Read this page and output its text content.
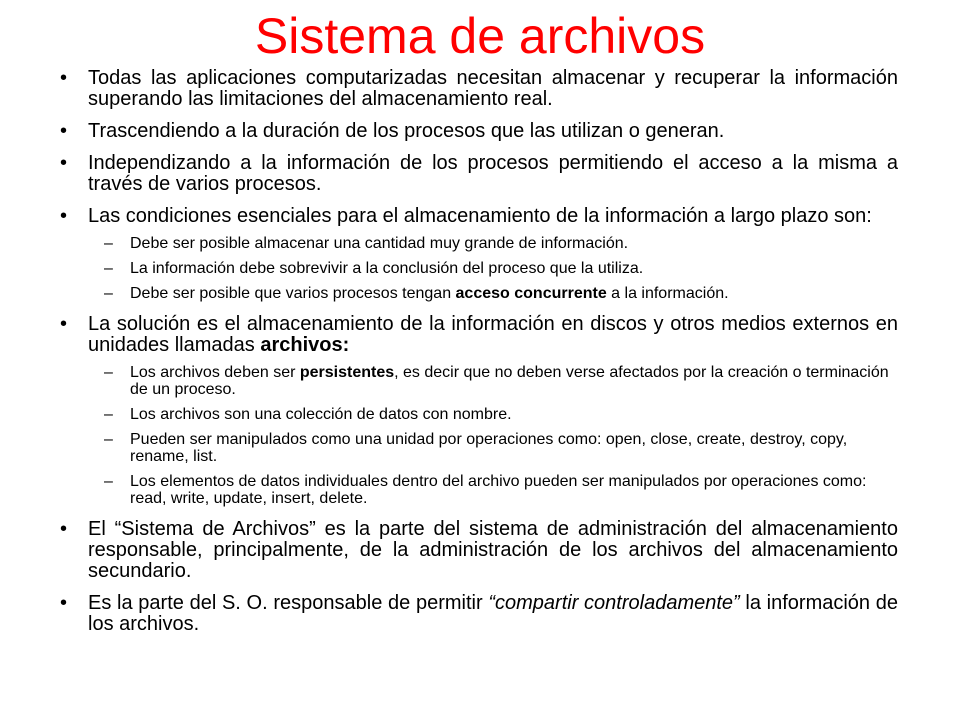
Sistema de archivos
• Todas las aplicaciones computarizadas necesitan almacenar y recuperar la información superando las limitaciones del almacenamiento real.
• Trascendiendo a la duración de los procesos que las utilizan o generan.
• Independizando a la información de los procesos permitiendo el acceso a la misma a través de varios procesos.
• Las condiciones esenciales para el almacenamiento de la información a largo plazo son:
– Debe ser posible almacenar una cantidad muy grande de información.
– La información debe sobrevivir a la conclusión del proceso que la utiliza.
– Debe ser posible que varios procesos tengan acceso concurrente a la información.
• La solución es el almacenamiento de la información en discos y otros medios externos en unidades llamadas archivos:
– Los archivos deben ser persistentes, es decir que no deben verse afectados por la creación o terminación de un proceso.
– Los archivos son una colección de datos con nombre.
– Pueden ser manipulados como una unidad por operaciones como: open, close, create, destroy, copy, rename, list.
– Los elementos de datos individuales dentro del archivo pueden ser manipulados por operaciones como: read, write, update, insert, delete.
• El “Sistema de Archivos” es la parte del sistema de administración del almacenamiento responsable, principalmente, de la administración de los archivos del almacenamiento secundario.
• Es la parte del S. O. responsable de permitir “compartir controladamente” la información de los archivos.
